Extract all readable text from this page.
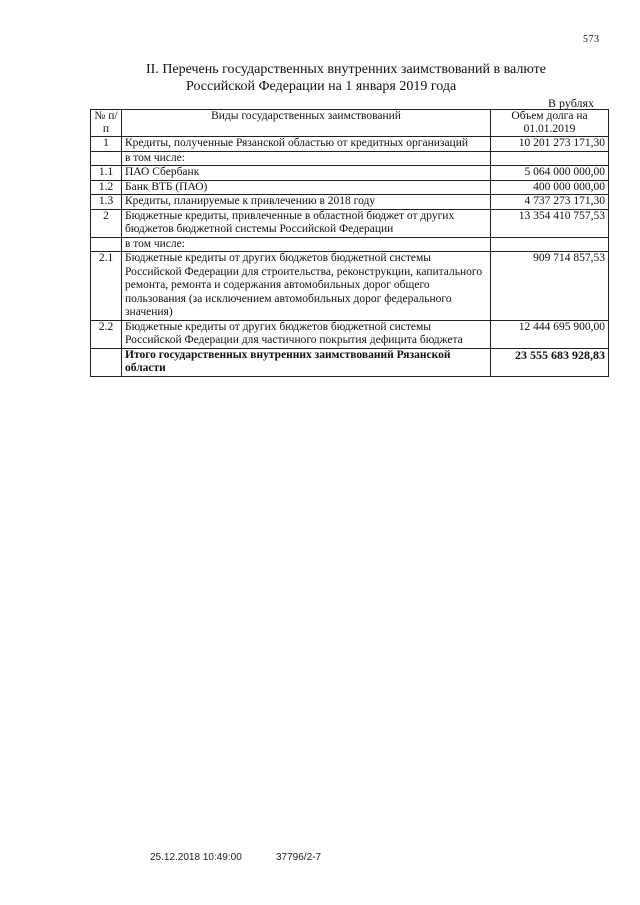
573
II. Перечень государственных внутренних заимствований в валюте
Российской Федерации на 1 января 2019 года
В рублях
№ п/п	Виды государственных заимствований	Объем долга на 01.01.2019
1	Кредиты, полученные Рязанской областью от кредитных организаций	10 201 273 171,30
	в том числе:	
1.1	ПАО Сбербанк	5 064 000 000,00
1.2	Банк ВТБ (ПАО)	400 000 000,00
1.3	Кредиты, планируемые к привлечению в 2018 году	4 737 273 171,30
2	Бюджетные кредиты, привлеченные в областной бюджет от других бюджетов бюджетной системы Российской Федерации	13 354 410 757,53
	в том числе:	
2.1	Бюджетные кредиты от других бюджетов бюджетной системы Российской Федерации для строительства, реконструкции, капитального ремонта, ремонта и содержания автомобильных дорог общего пользования (за исключением автомобильных дорог федерального значения)	909 714 857,53
2.2	Бюджетные кредиты от других бюджетов бюджетной системы Российской Федерации для частичного покрытия дефицита бюджета	12 444 695 900,00
	Итого государственных внутренних заимствований Рязанской области	23 555 683 928,83
25.12.2018 10:49:00	37796/2-7
